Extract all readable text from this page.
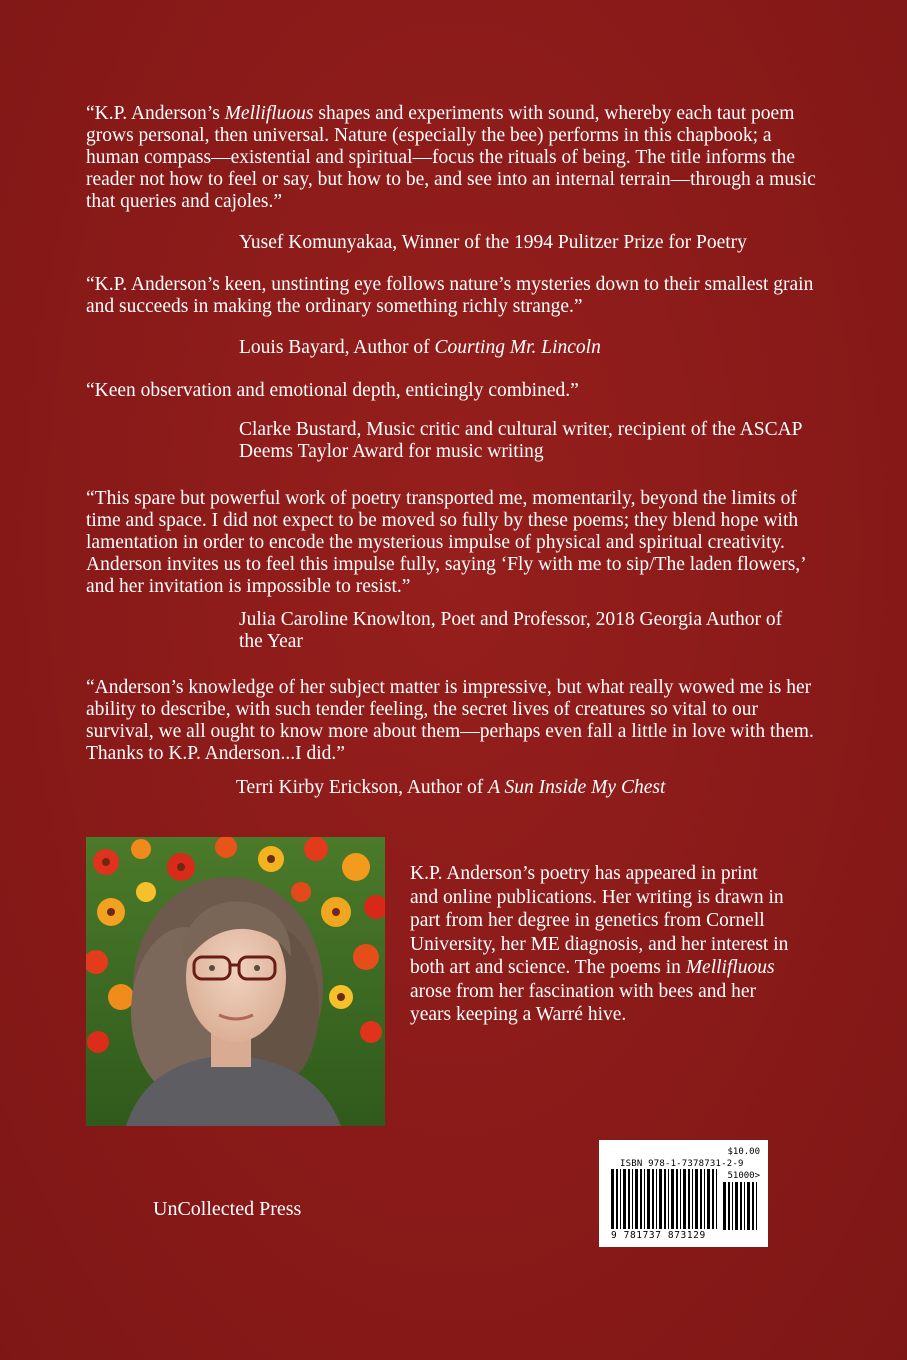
“K.P. Anderson’s Mellifluous shapes and experiments with sound, whereby each taut poem grows personal, then universal. Nature (especially the bee) performs in this chapbook; a human compass—existential and spiritual—focus the rituals of being. The title informs the reader not how to feel or say, but how to be, and see into an internal terrain—through a music that queries and cajoles.”

Yusef Komunyakaa, Winner of the 1994 Pulitzer Prize for Poetry

“K.P. Anderson’s keen, unstinting eye follows nature’s mysteries down to their smallest grain and succeeds in making the ordinary something richly strange.”

Louis Bayard, Author of Courting Mr. Lincoln

“Keen observation and emotional depth, enticingly combined.”

Clarke Bustard, Music critic and cultural writer, recipient of the ASCAP Deems Taylor Award for music writing

“This spare but powerful work of poetry transported me, momentarily, beyond the limits of time and space. I did not expect to be moved so fully by these poems; they blend hope with lamentation in order to encode the mysterious impulse of physical and spiritual creativity. Anderson invites us to feel this impulse fully, saying ‘Fly with me to sip/The laden flowers,’ and her invitation is impossible to resist.”

Julia Caroline Knowlton, Poet and Professor, 2018 Georgia Author of the Year

“Anderson’s knowledge of her subject matter is impressive, but what really wowed me is her ability to describe, with such tender feeling, the secret lives of creatures so vital to our survival, we all ought to know more about them—perhaps even fall a little in love with them. Thanks to K.P. Anderson...I did.”

Terri Kirby Erickson, Author of A Sun Inside My Chest

K.P. Anderson’s poetry has appeared in print and online publications. Her writing is drawn in part from her degree in genetics from Cornell University, her ME diagnosis, and her interest in both art and science. The poems in Mellifluous arose from her fascination with bees and her years keeping a Warré hive.

UnCollected Press
$10.00
ISBN 978-1-7378731-2-9
51000>
9 781737 873129
